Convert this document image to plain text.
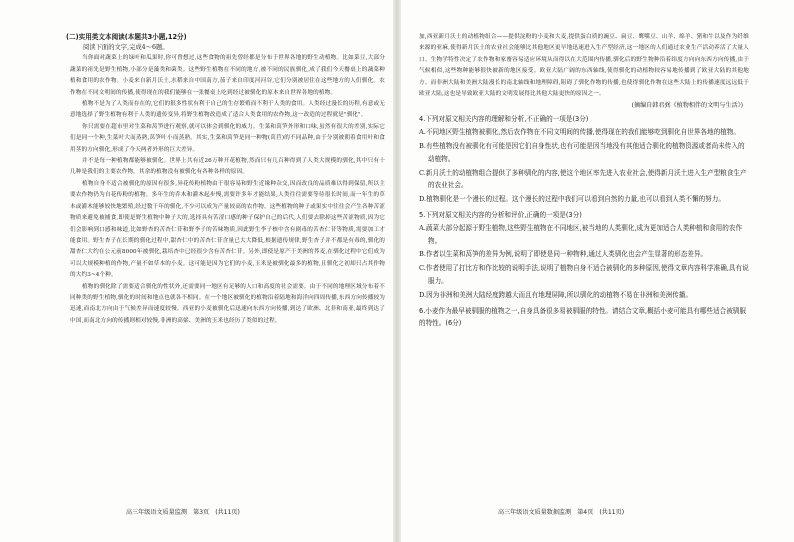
(二)实用类文本阅读(本题共3小题,12分)
阅读下面的文字,完成4～6题。

当你面对蔬菜上的绿叶和瓜果时,你可曾想过,这些食物的祖先曾经都是分布于世界各地的野生动植物。比如菜豆,大部分蔬菜的祖先是野生植物,小部分是藻类和菌类。这些野生植物在不同的地方,被不同的民族驯化,成了我们今天餐桌上的蔬菜种植和食用的农作物。小麦来自新月沃土,水稻来自中国南方,茄子来自印度河河谷,它们分别被居住在这些地方的人们驯化。农作物在不同文明间的传播,使得现在的我们能够在一张餐桌上吃到经过被驯化的原本来自世界各地的植物。

植物不是为了人类而存在的,它们的很多性状有利于自己的生存繁殖而不利于人类的食用。人类经过漫长的历程,有意或无意地选择了野生植物有利于人类的遗传变异,将野生植物改造成了适合人类食用的农作物,这一改造的过程就是"驯化"。

你只需要在超市里对生菜和莴笋进行观察,就可以体会到驯化的威力。生菜和莴笋外形和口味,虽然有很大的差别,实际它们是同一个种,生菜叶大而蒸熟,莴笋叶小而蒸熟。其实,生菜和莴笋是同一种物(莴苣)的不同品种,由于分别被朝着食用叶和食用茎的方向驯化,形成了今天两者外形的巨大差异。

并不是每一种植物都能够被驯化。世界上共有近26万种开花植物,然而只有几百种得到了人类大规模的驯化,其中只有十几种是我们的主要农作物。其余的植物没有被驯化有各种各样的原因。

植物自身不适合被驯化的原因有很多,异花传粉植物由于很容易和野生近缘种杂交,因而改良的品质难以得到保留,所以主要农作物仍为自花传粉的植物。多年生的乔木和灌木起步慢,需要许多年才能结果,人类往往需要等待很长时间,而一年生的草本或灌木能够较快地繁殖,经过数千年的驯化,不少可以成为产量较高的农作物。这些植物的种子或果实中往往会产生各种苦涩物质来避免被捕食,即使是野生植物中种子大的,选择具有苦涩口感的种子保护自己的后代,人们要去除掉这些苦涩物质,因为它们会影响到口感和味道,比如野杏的苦杏仁苷和野李子的苦味物质,因此野生李子核中含有剧毒的苦杏仁苷等物质,需要加工才能食用。野生杏子在长期的驯化过程中,甜杏仁中的苦杏仁苷含量已大大降低,根据遗传规律,野生杏子并不都是有毒的,驯化的甜杏仁大约在公元前8000年被驯化,栽培杏中已经很少含有苦杏仁苷。另外,即使是原产于美洲的荞麦,在驯化过程中它们成为可以大规模种植的作物,产量不如草本的小麦。这可能是因为它们的小麦,玉米是被驯化最多的植物,且驯化之初却只占其作物的大约3~4个种。

植物的驯化除了需要适合驯化的性状外,还需要同一地区有足够的人口和高度的社会需要。由于不同的地理区域分布着不同种类的野生植物,驯化的时间和地点也就各不相同。在一个地区被驯化的植物沿着陆地和海洋向四周传播,东西方向传播较为迅速,而南北方向由于气候差异而速度较慢。西亚的小麦被驯化后迅速向东西方向传播,到达了欧洲、北非和南亚,最终到达了中国,而南北方向的传播则相对较慢,非洲的高粱、美洲的玉米也经历了类似的过程。

高三年级语文质量监测　第3页　(共11页)

加,西亚新月沃土的动植物组合——提供淀粉的小麦和大麦,提供蛋白质的豌豆、扁豆、鹰嘴豆、山羊、绵羊、猪和牛以及作为纤维来源的亚麻,使得新月沃土的农业社会能够比其他地区更早地迅速进入生产型经济,这一地区的人们通过农业生产活动养活了大量人口。生物学特性决定了农作物和家畜容易适应环境从而得以在大范围内传播,驯化后的野生物种沿着纬度方向向东西方向传播,由于气候相似,这些物种能够很快被新的地区接受。欧亚大陆广阔的东西轴线,使得驯化的动植物较容易地传播到了欧亚大陆的其他地方。而非洲大陆和美洲大陆漫长的南北轴线和地理障碍,阻碍了驯化作物的传播,也使得驯化作物在这些大陆上的传播速度远远低于欧亚大陆,这也是导致欧亚大陆的文明发展得比其他大陆更快的原因之一。

(摘编自韩君弼《植物相伴的文明与生活》)
4.下列对原文相关内容的理解和分析,不正确的一项是(3分)
A.不同地区野生植物被驯化,然后农作物在不同文明间的传播,使得现在的我们能够吃到驯化自世界各地的植物。
B.有些植物没有被驯化有可能是因它们自身性状,也有可能是因当地没有其他适合驯化的植物资源或者尚未传入的动植物。
C.新月沃土的动植物组合提供了多种驯化的内容,使这个地区率先进入农业社会,使得新月沃土进入生产型粮食生产的农业社会。
D.植物驯化是一个漫长的过程。这个漫长的过程中我们可以看到自然的力量,也可以看到人类不懈的努力。
5.下列对原文相关内容的分析和评价,正确的一项是(3分)
A.蔬菜大部分起源于野生植物,这些野生植物在不同地区,被当地的人类驯化,成为更加适合人类种植和食用的农作物。
B.作者以生菜和莴笋的差异为例,说明了即使是同一种物种,通过人类驯化也会产生显著的形态差异。
C.作者使用了打比方和作比较的说明手法,说明了植物自身不适合被驯化的多种原因,使得文章内容科学准确,具有说服力。
D.因为非洲和美洲大陆经度跨越大而且有地理屏障,所以驯化的动植物不易在非洲和美洲传播。
6.小麦作为最早被驯服的植物之一,自身具备很多易被驯服的特性。请结合文章,概括小麦可能具有哪些适合被驯服的特性。(6分)
高三年级语文质量数据监测　第4页　(共11页)
